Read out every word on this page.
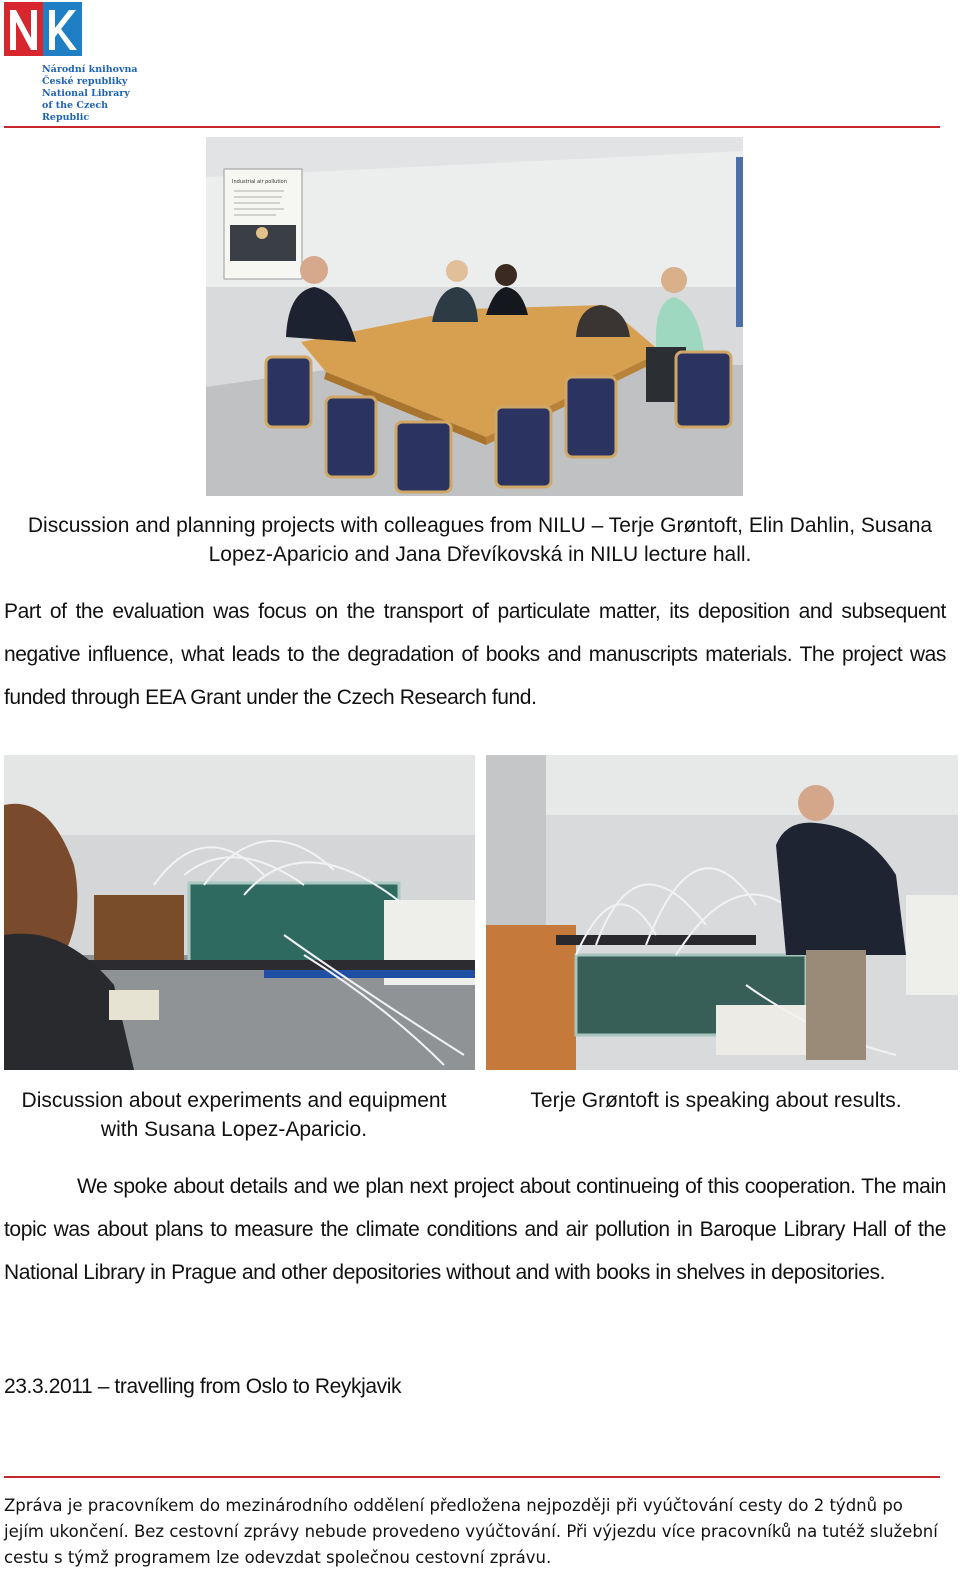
Národní knihovna
České republiky
National Library
of the Czech Republic
Industrial air pollution
Discussion and planning projects with colleagues from NILU – Terje Grøntoft, Elin Dahlin, Susana Lopez-Aparicio and Jana Dřevíkovská in NILU lecture hall.
Part of the evaluation was focus on the transport of particulate matter, its deposition and subsequent negative influence, what leads to the degradation of books and manuscripts materials. The project was funded through EEA Grant under the Czech Research fund.
Discussion about experiments and equipment with Susana Lopez-Aparicio.
Terje Grøntoft is speaking about results.
We spoke about details and we plan next project about continueing of this cooperation. The main topic was about plans to measure the climate conditions and air pollution in Baroque Library Hall of the National Library in Prague and other depositories without and with books in shelves in depositories.
23.3.2011 – travelling from Oslo to Reykjavik
Zpráva je pracovníkem do mezinárodního oddělení předložena nejpozději při vyúčtování cesty do 2 týdnů po jejím ukončení. Bez cestovní zprávy nebude provedeno vyúčtování. Při výjezdu více pracovníků na tutéž služební cestu s týmž programem lze odevzdat společnou cestovní zprávu.
